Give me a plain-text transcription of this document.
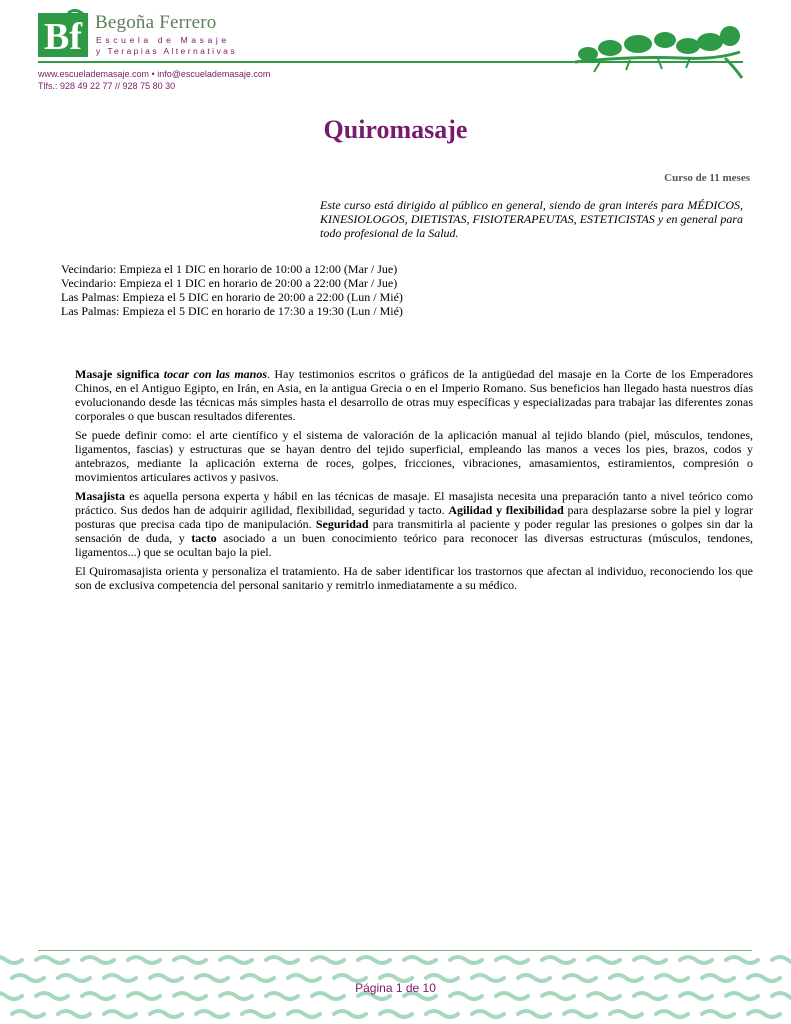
Bf Begoña Ferrero
Escuela de Masaje
y Terapias Alternativas
www.escuelademasaje.com • info@escuelademasaje.com
Tlfs.: 928 49 22 77 // 928 75 80 30
Quiromasaje
Curso de 11 meses
Este curso está dirigido al público en general, siendo de gran interés para MÉDICOS, KINESIOLOGOS, DIETISTAS, FISIOTERAPEUTAS, ESTETICISTAS y en general para todo profesional de la Salud.
Vecindario: Empieza el 1 DIC en horario de 10:00 a 12:00 (Mar / Jue)
Vecindario: Empieza el 1 DIC en horario de 20:00 a 22:00 (Mar / Jue)
Las Palmas: Empieza el 5 DIC en horario de 20:00 a 22:00 (Lun / Mié)
Las Palmas: Empieza el 5 DIC en horario de 17:30 a 19:30 (Lun / Mié)

Masaje significa tocar con las manos. Hay testimonios escritos o gráficos de la antigüedad del masaje en la Corte de los Emperadores Chinos, en el Antiguo Egipto, en Irán, en Asia, en la antigua Grecia o en el Imperio Romano. Sus beneficios han llegado hasta nuestros días evolucionando desde las técnicas más simples hasta el desarrollo de otras muy específicas y especializadas para trabajar las diferentes zonas corporales o que buscan resultados diferentes.

Se puede definir como: el arte científico y el sistema de valoración de la aplicación manual al tejido blando (piel, músculos, tendones, ligamentos, fascias) y estructuras que se hayan dentro del tejido superficial, empleando las manos a veces los pies, brazos, codos y antebrazos, mediante la aplicación externa de roces, golpes, fricciones, vibraciones, amasamientos, estiramientos, compresión o movimientos articulares activos y pasivos.

Masajista es aquella persona experta y hábil en las técnicas de masaje. El masajista necesita una preparación tanto a nivel teórico como práctico. Sus dedos han de adquirir agilidad, flexibilidad, seguridad y tacto. Agilidad y flexibilidad para desplazarse sobre la piel y lograr posturas que precisa cada tipo de manipulación. Seguridad para transmitirla al paciente y poder regular las presiones o golpes sin dar la sensación de duda, y tacto asociado a un buen conocimiento teórico para reconocer las diversas estructuras (músculos, tendones, ligamentos...) que se ocultan bajo la piel.

El Quiromasajista orienta y personaliza el tratamiento. Ha de saber identificar los trastornos que afectan al individuo, reconociendo los que son de exclusiva competencia del personal sanitario y remitrlo inmediatamente a su médico.

Página 1 de 10
